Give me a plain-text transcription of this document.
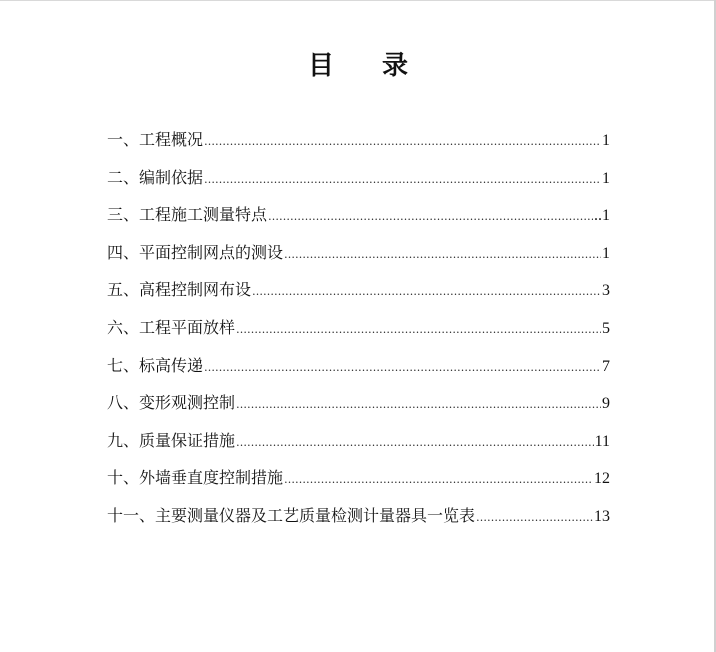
目 录
一、工程概况 …………………………………………………………………………………………………………………………………………………………………………………………………………	1
二、编制依据 …………………………………………………………………………………………………………………………………………………………………………………………………………	1
三、工程施工测量特点 …………………………………………………………………………………………………………………………………………………………………………………………………………	..1
四、平面控制网点的测设 …………………………………………………………………………………………………………………………………………………………………………………………………………	1
五、高程控制网布设 …………………………………………………………………………………………………………………………………………………………………………………………………………	3
六、工程平面放样 …………………………………………………………………………………………………………………………………………………………………………………………………………	5
七、标高传递 …………………………………………………………………………………………………………………………………………………………………………………………………………	7
八、变形观测控制 …………………………………………………………………………………………………………………………………………………………………………………………………………	9
九、质量保证措施 …………………………………………………………………………………………………………………………………………………………………………………………………………	11
十、外墙垂直度控制措施 …………………………………………………………………………………………………………………………………………………………………………………………………………	12
十一、主要测量仪器及工艺质量检测计量器具一览表 …………………………………………………………………………………………………………………………………………………………………………………………………………	13
